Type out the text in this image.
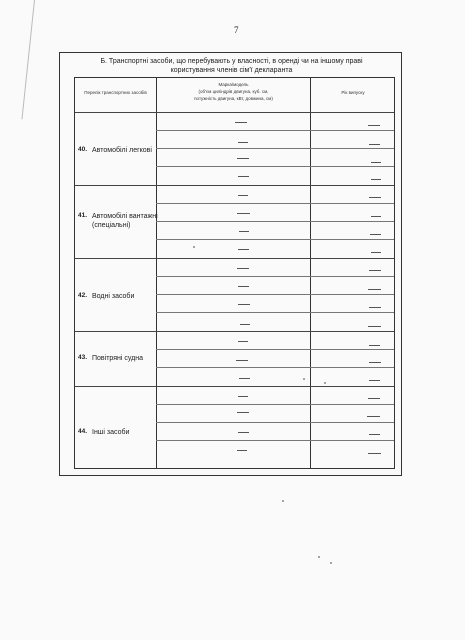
7
Б. Транспортні засоби, що перебувають у власності, в оренді чи на іншому праві
користування членів сім'ї декларанта
Перелік транспортних засобів
Марка/модель
(об'єм циліндрів двигуна, куб. см,
потужність двигуна, кВт, довжина, см)
Рік випуску
40. Автомобілі легкові
41. Автомобілі вантажні
(спеціальні)
42. Водні засоби
43. Повітряні судна
44. Інші засоби
